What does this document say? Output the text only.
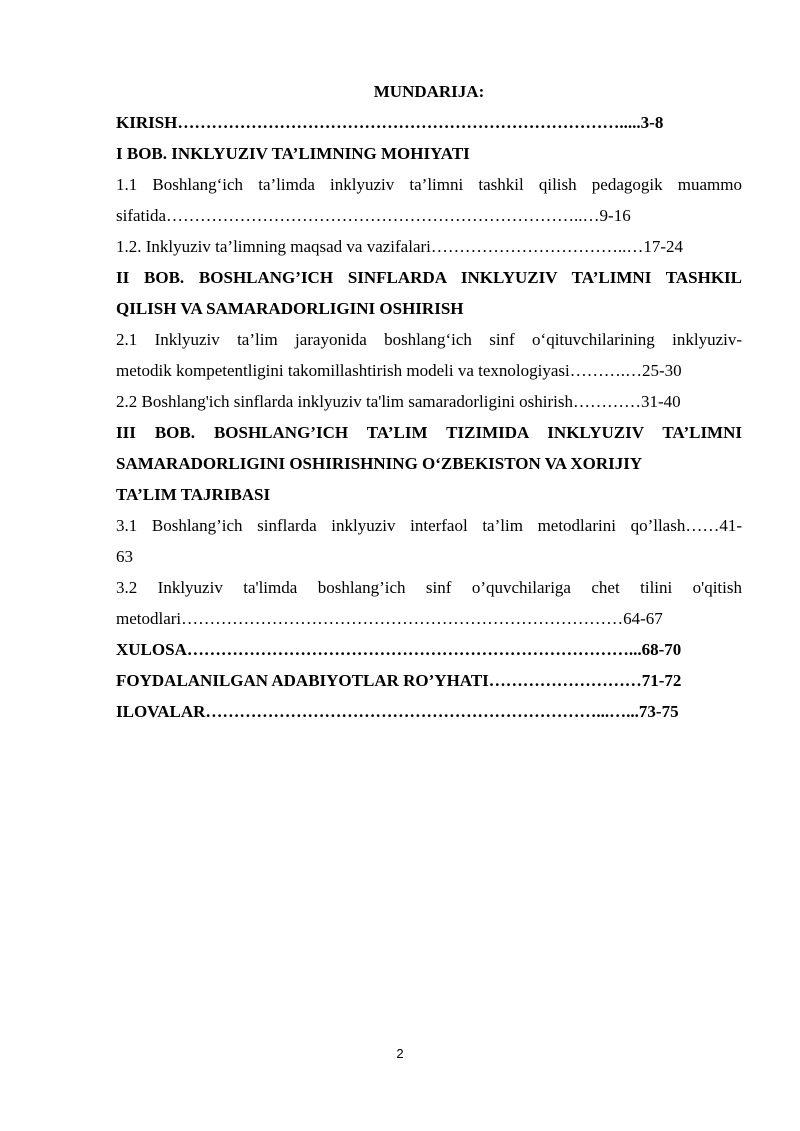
MUNDARIJA:
KIRISH…………………………………………………………………….....3-8
I BOB. INKLYUZIV TA’LIMNING MOHIYATI
1.1 Boshlang‘ich ta’limda inklyuziv ta’limni tashkil qilish pedagogik muammo
sifatida………………………………………………………………..…9-16
1.2. Inklyuziv ta’limning maqsad va vazifalari……………………………..…17-24
II BOB. BOSHLANG’ICH SINFLARDA INKLYUZIV TA’LIMNI TASHKIL
QILISH VA SAMARADORLIGINI OSHIRISH
2.1 Inklyuziv ta’lim jarayonida boshlang‘ich sinf o‘qituvchilarining inklyuziv-
metodik kompetentligini takomillashtirish modeli va texnologiyasi……….…25-30
2.2 Boshlang'ich sinflarda inklyuziv ta'lim samaradorligini oshirish…………31-40
III BOB. BOSHLANG’ICH TA’LIM TIZIMIDA INKLYUZIV TA’LIMNI
SAMARADORLIGINI OSHIRISHNING O‘ZBEKISTON VA XORIJIY
TA’LIM TAJRIBASI
3.1 Boshlang’ich sinflarda inklyuziv interfaol ta’lim metodlarini qo’llash……41-
63
3.2 Inklyuziv ta'limda boshlang’ich sinf o’quvchilariga chet tilini o'qitish
metodlari……………………………………………………………………64-67
XULOSA……………………………………………………………………...68-70
FOYDALANILGAN ADABIYOTLAR RO’YHATI………………………71-72
ILOVALAR……………………………………………………………...…...73-75
2
